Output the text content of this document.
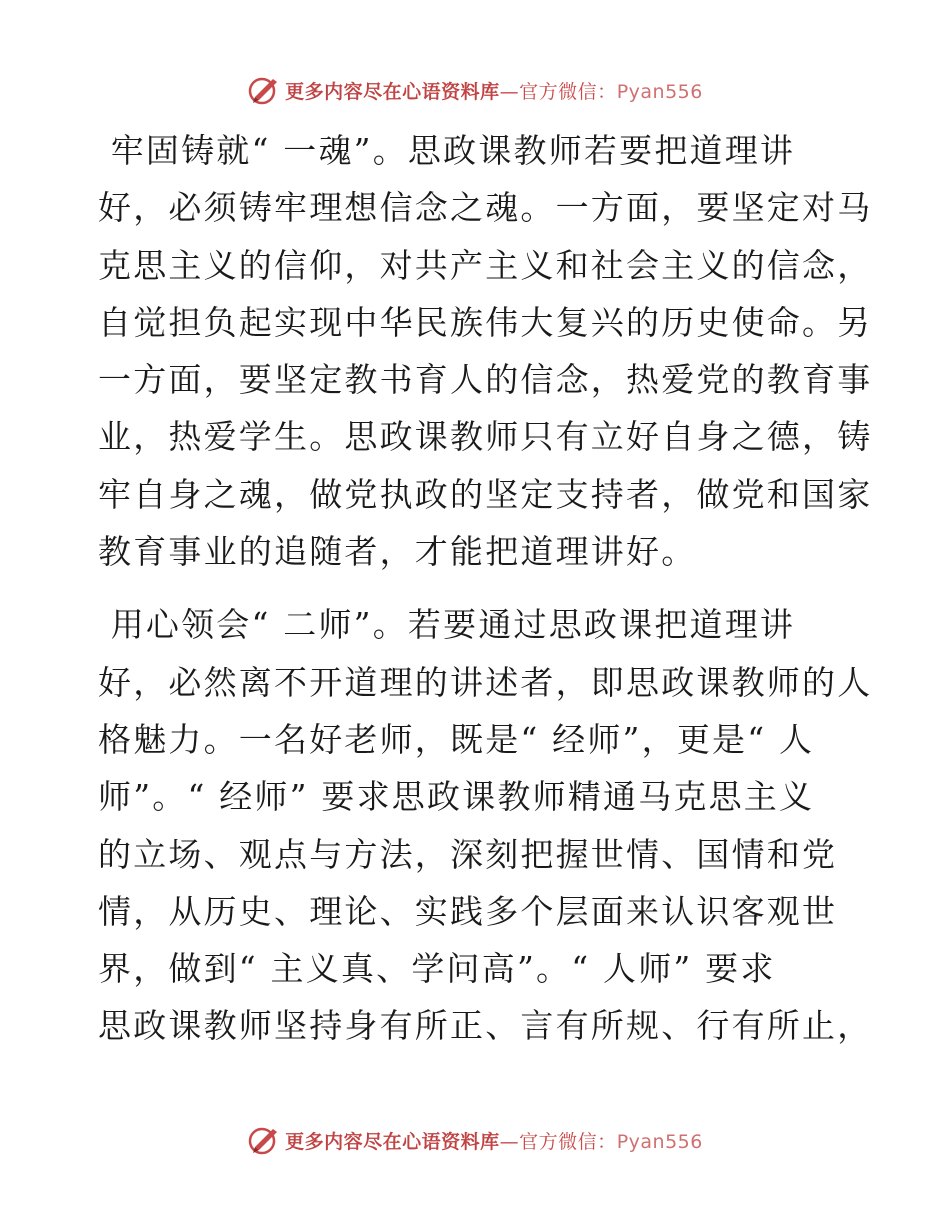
更多内容尽在心语资料库—官方微信：Pyan556
牢固铸就“ 一魂”。思政课教师若要把道理讲
好，必须铸牢理想信念之魂。一方面，要坚定对马
克思主义的信仰，对共产主义和社会主义的信念，
自觉担负起实现中华民族伟大复兴的历史使命。另
一方面，要坚定教书育人的信念，热爱党的教育事
业，热爱学生。思政课教师只有立好自身之德，铸
牢自身之魂，做党执政的坚定支持者，做党和国家
教育事业的追随者，才能把道理讲好。
用心领会“ 二师”。若要通过思政课把道理讲
好，必然离不开道理的讲述者，即思政课教师的人
格魅力。一名好老师，既是“ 经师”，更是“ 人
师”。“ 经师” 要求思政课教师精通马克思主义
的立场、观点与方法，深刻把握世情、国情和党
情，从历史、理论、实践多个层面来认识客观世
界，做到“ 主义真、学问高”。“ 人师” 要求
思政课教师坚持身有所正、言有所规、行有所止，
更多内容尽在心语资料库—官方微信：Pyan556
